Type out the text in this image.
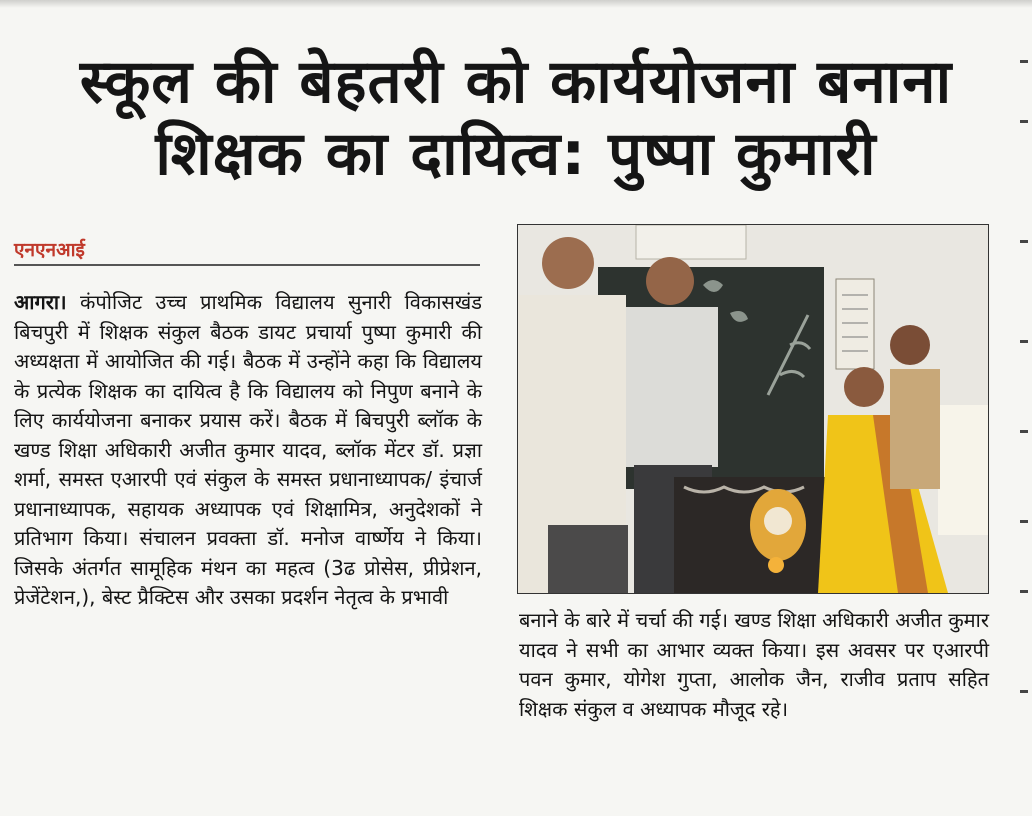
स्कूल की बेहतरी को कार्ययोजना बनाना
शिक्षक का दायित्व: पुष्पा कुमारी
एनएनआई

आगरा। कंपोजिट उच्च प्राथमिक विद्यालय सुनारी विकासखंड बिचपुरी में शिक्षक संकुल बैठक डायट प्रचार्या पुष्पा कुमारी की अध्यक्षता में आयोजित की गई। बैठक में उन्होंने कहा कि विद्यालय के प्रत्येक शिक्षक का दायित्व है कि विद्यालय को निपुण बनाने के लिए कार्ययोजना बनाकर प्रयास करें। बैठक में बिचपुरी ब्लॉक के खण्ड शिक्षा अधिकारी अजीत कुमार यादव, ब्लॉक मेंटर डॉ. प्रज्ञा शर्मा, समस्त एआरपी एवं संकुल के समस्त प्रधानाध्यापक/ इंचार्ज प्रधानाध्यापक, सहायक अध्यापक एवं शिक्षामित्र, अनुदेशकों ने प्रतिभाग किया। संचालन प्रवक्ता डॉ. मनोज वार्ष्णेय ने किया। जिसके अंतर्गत सामूहिक मंथन का महत्व (3ढ प्रोसेस, प्रीप्रेशन, प्रेजेंटेशन,), बेस्ट प्रैक्टिस और उसका प्रदर्शन नेतृत्व के प्रभावी

बनाने के बारे में चर्चा की गई। खण्ड शिक्षा अधिकारी अजीत कुमार यादव ने सभी का आभार व्यक्त किया। इस अवसर पर एआरपी पवन कुमार, योगेश गुप्ता, आलोक जैन, राजीव प्रताप सहित शिक्षक संकुल व अध्यापक मौजूद रहे।
